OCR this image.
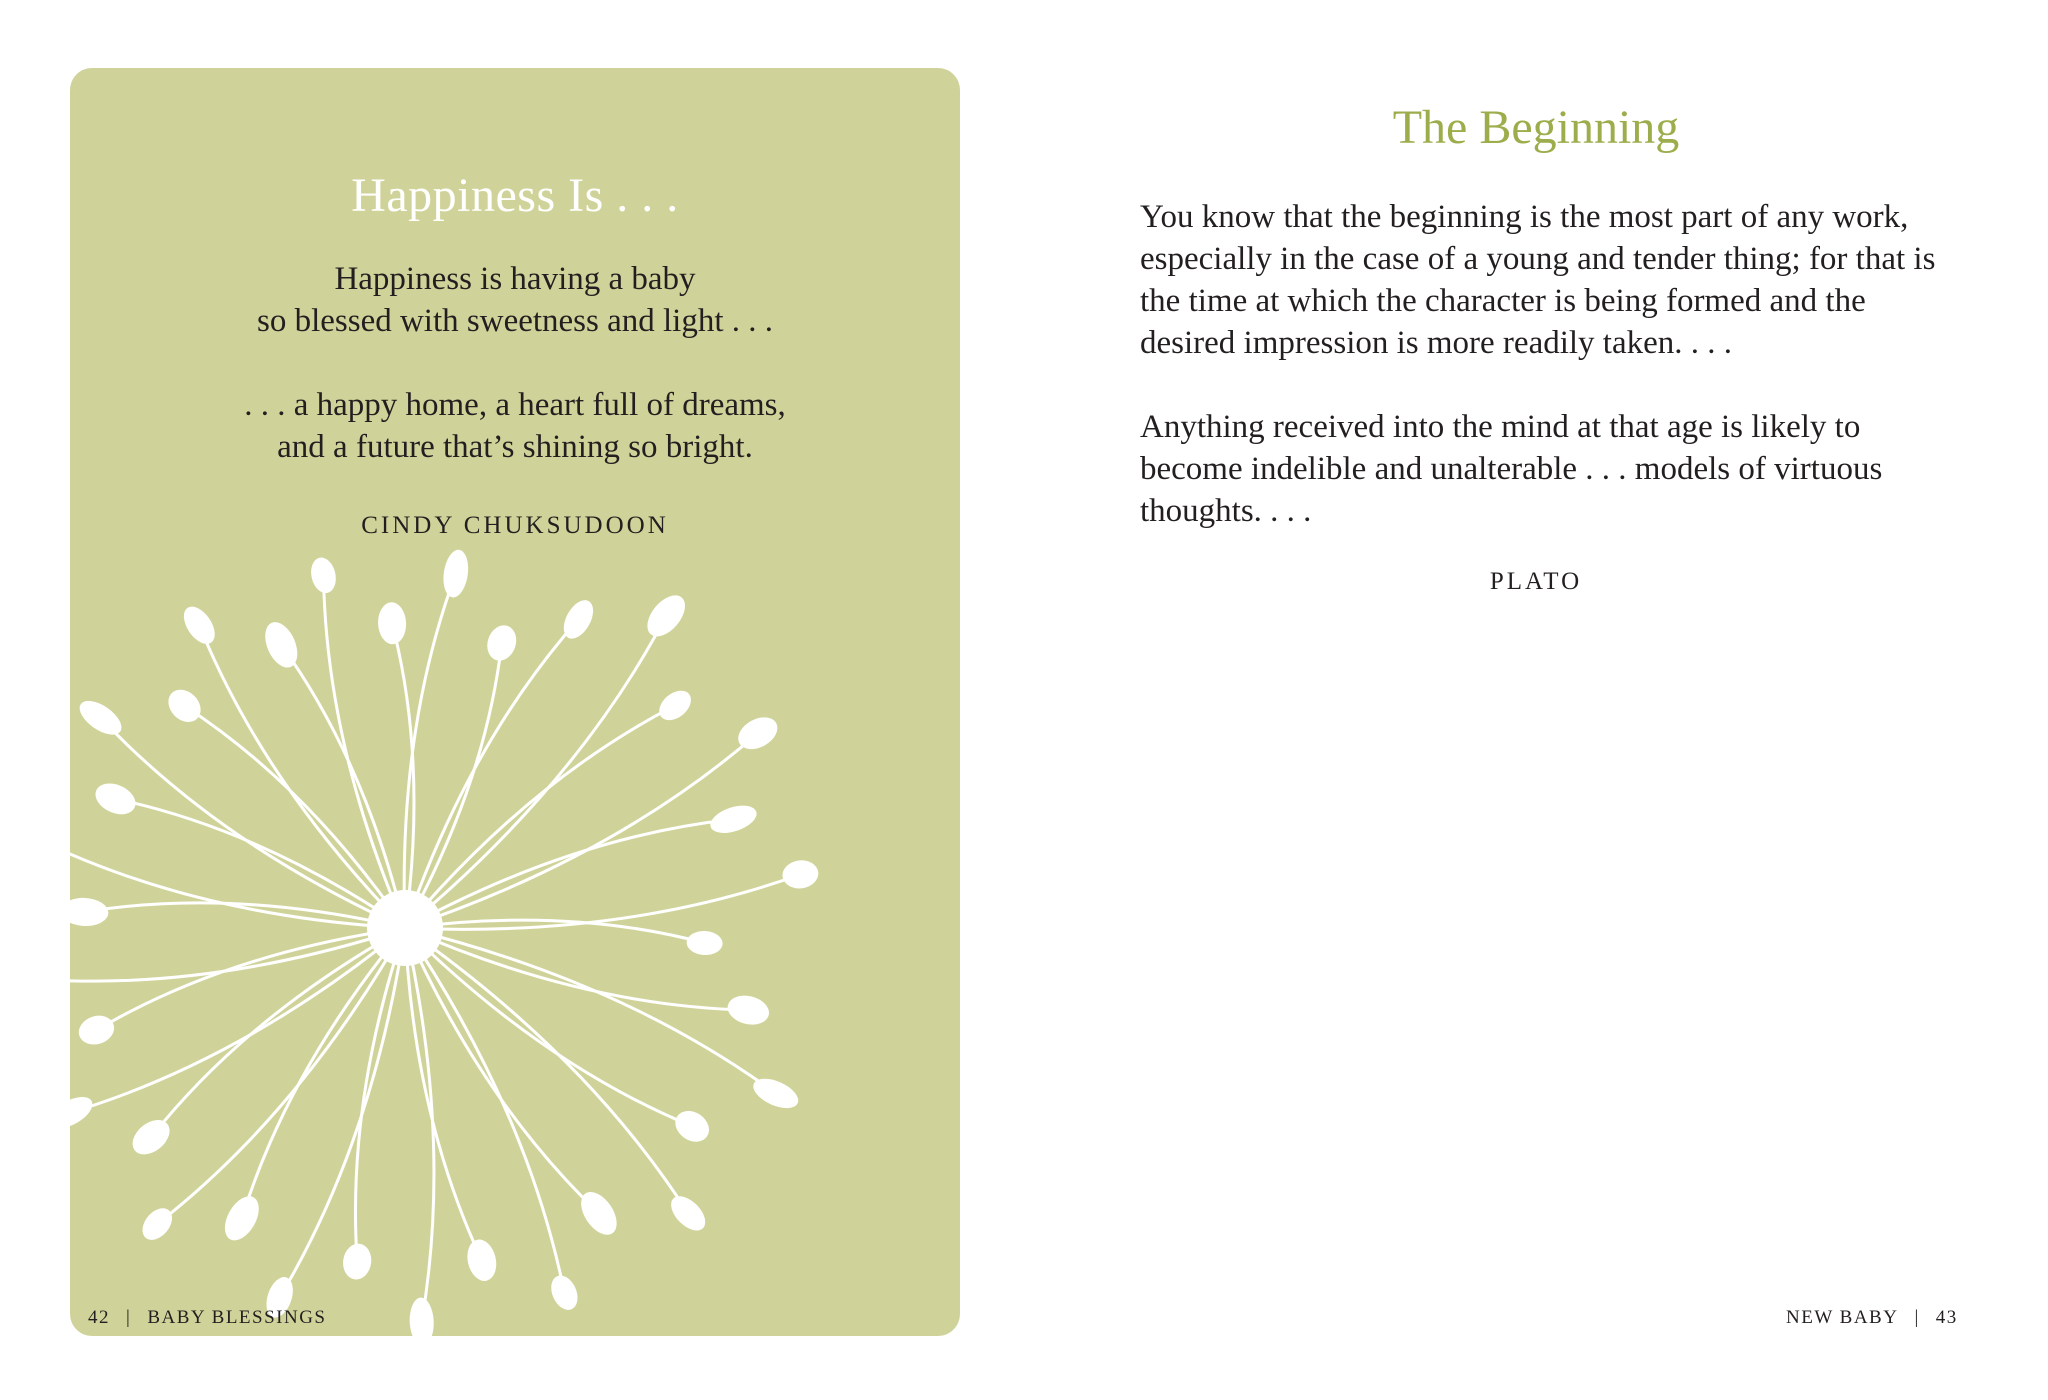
Happiness Is . . .
Happiness is having a baby
so blessed with sweetness and light . . .
. . . a happy home, a heart full of dreams,
and a future that’s shining so bright.
CINDY CHUKSUDOON
42 | BABY BLESSINGS
The Beginning

You know that the beginning is the most part of any work, especially in the case of a young and tender thing; for that is the time at which the character is being formed and the desired impression is more readily taken. . . .

Anything received into the mind at that age is likely to become indelible and unalterable . . . models of virtuous thoughts. . . .

PLATO
NEW BABY | 43
